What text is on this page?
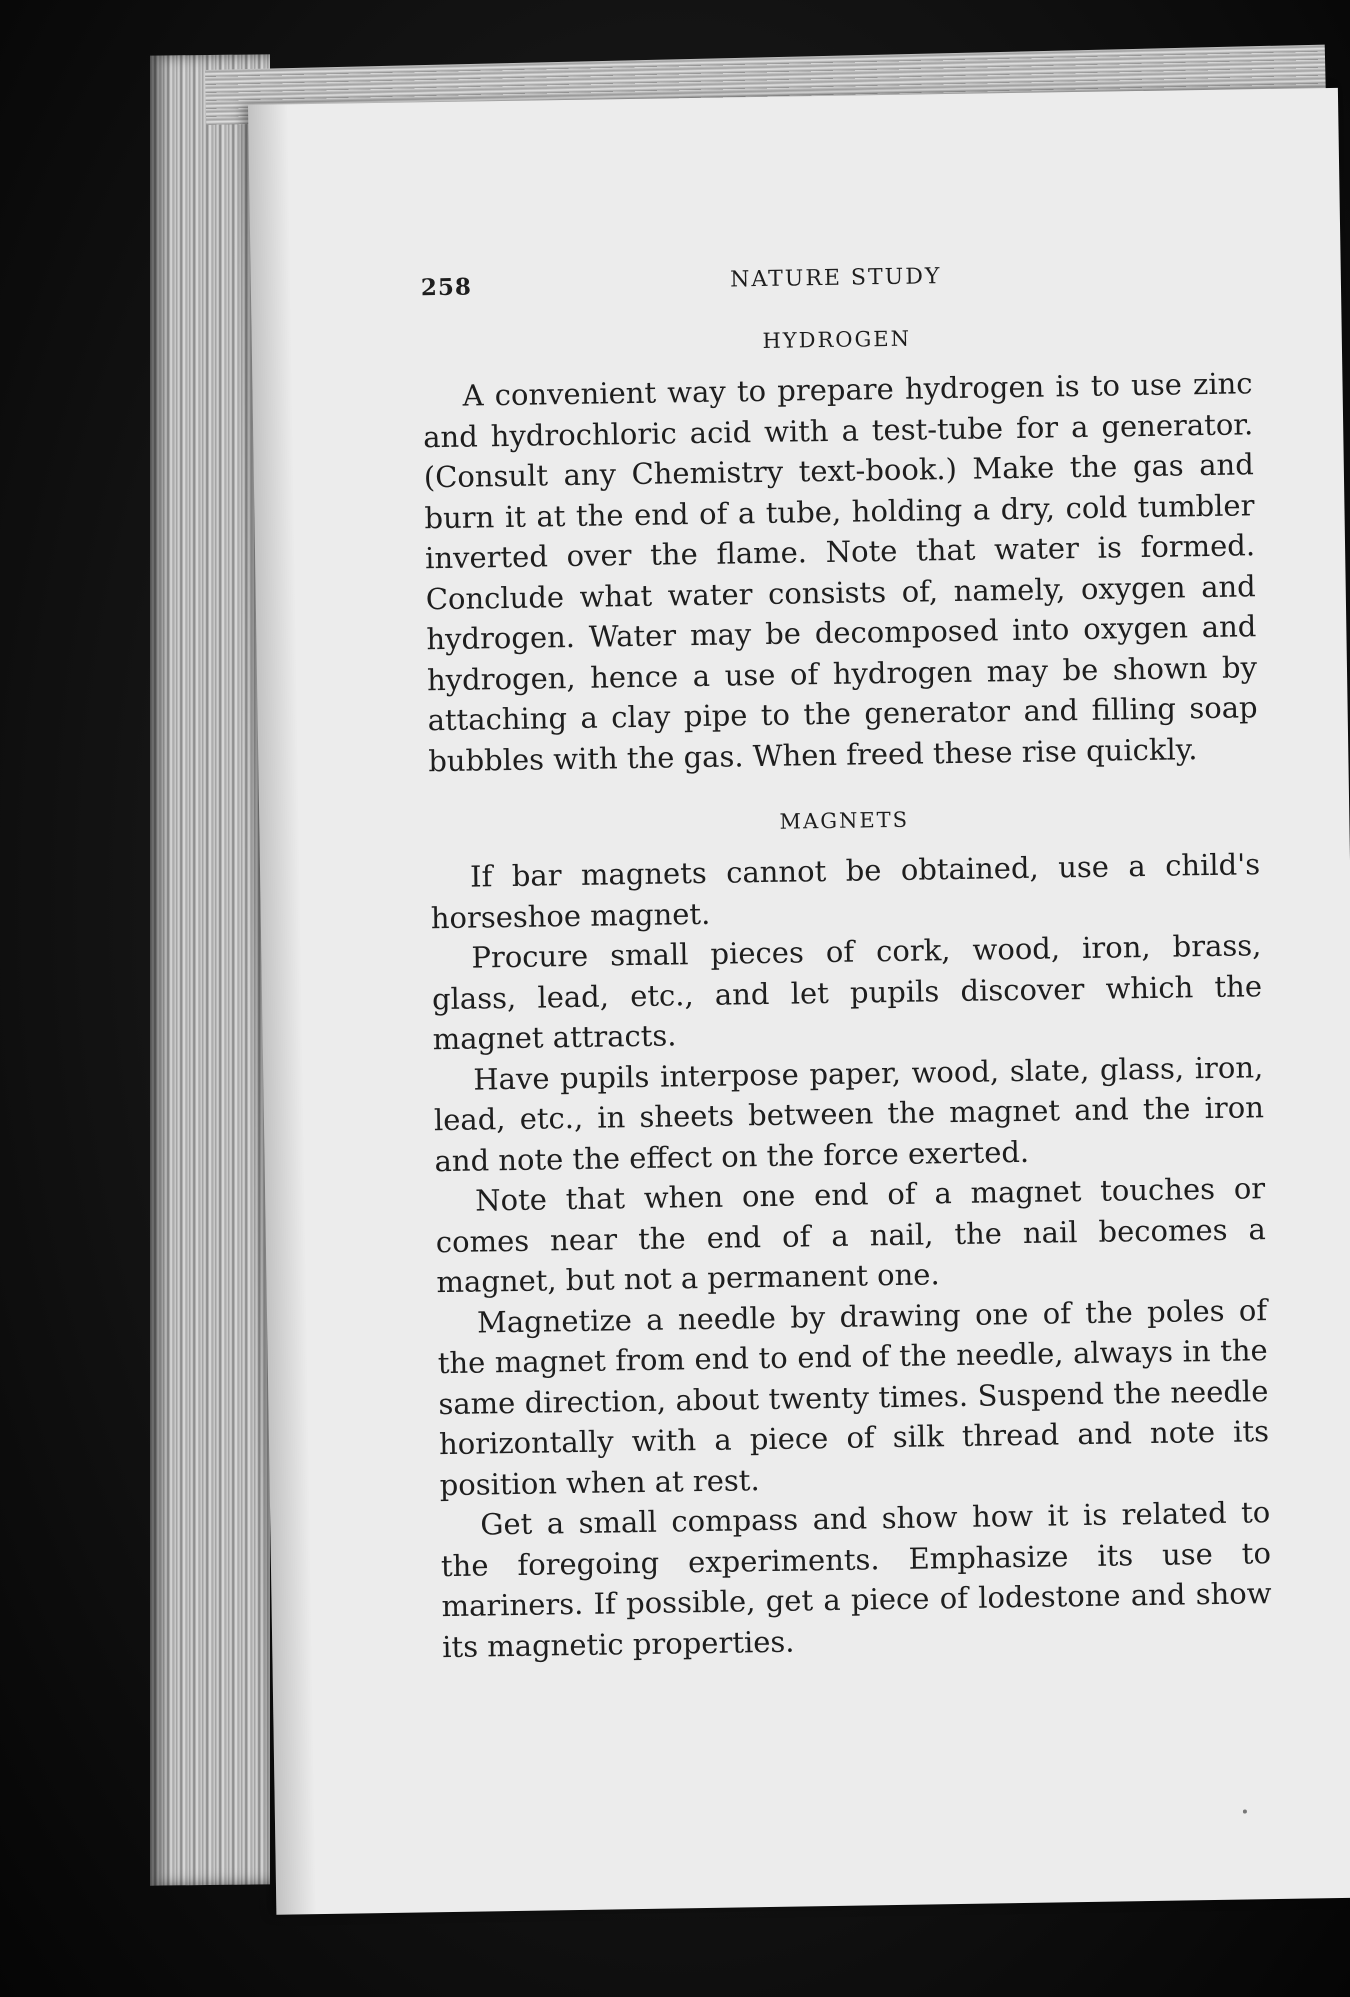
258	NATURE STUDY
HYDROGEN

A convenient way to prepare hydrogen is to use zinc and hydrochloric acid with a test-tube for a generator. (Consult any Chemistry text-book.) Make the gas and burn it at the end of a tube, holding a dry, cold tumbler inverted over the flame. Note that water is formed. Conclude what water consists of, namely, oxygen and hydrogen. Water may be decomposed into oxygen and hydrogen, hence a use of hydrogen may be shown by attaching a clay pipe to the generator and filling soap bubbles with the gas. When freed these rise quickly.

MAGNETS

If bar magnets cannot be obtained, use a child's horseshoe magnet.

Procure small pieces of cork, wood, iron, brass, glass, lead, etc., and let pupils discover which the magnet attracts.

Have pupils interpose paper, wood, slate, glass, iron, lead, etc., in sheets between the magnet and the iron and note the effect on the force exerted.

Note that when one end of a magnet touches or comes near the end of a nail, the nail becomes a magnet, but not a permanent one.

Magnetize a needle by drawing one of the poles of the magnet from end to end of the needle, always in the same direction, about twenty times. Suspend the needle horizontally with a piece of silk thread and note its position when at rest.

Get a small compass and show how it is related to the foregoing experiments. Emphasize its use to mariners. If possible, get a piece of lodestone and show its magnetic properties.
